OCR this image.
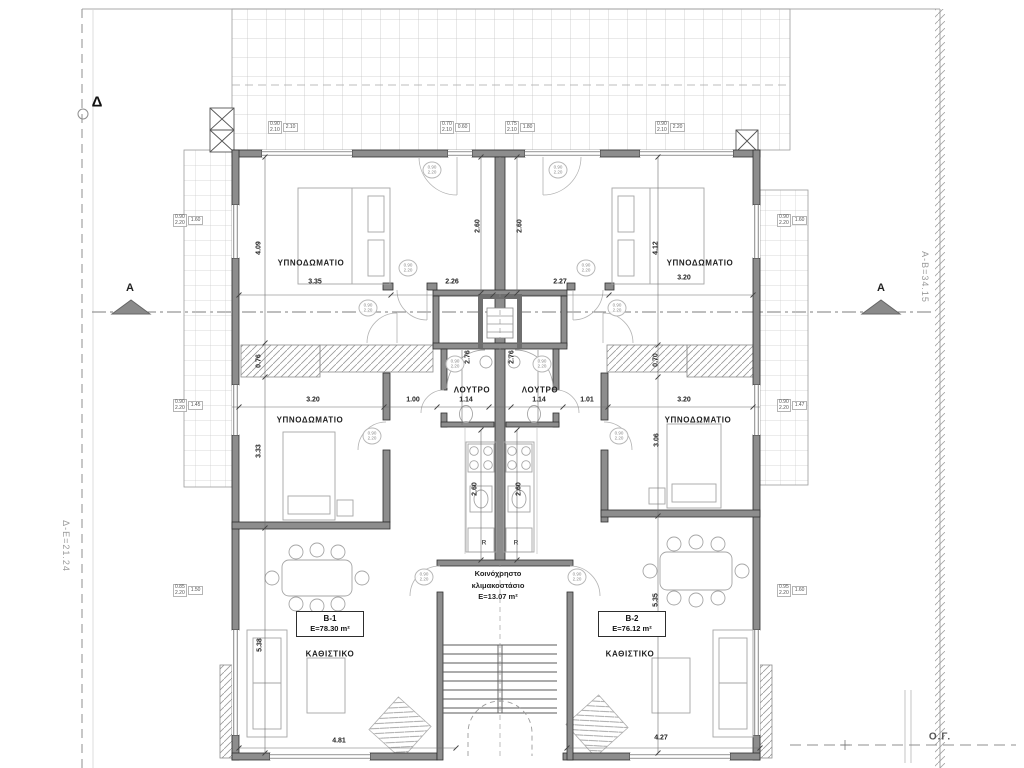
Δ
Δ-Ε=21.24
Α-Β=34.15
A	A
Ο.Γ.
ΥΠΝΟΔΩΜΑΤΙΟ	ΥΠΝΟΔΩΜΑΤΙΟ
ΥΠΝΟΔΩΜΑΤΙΟ	ΥΠΝΟΔΩΜΑΤΙΟ
ΛΟΥΤΡΟ	ΛΟΥΤΡΟ
ΚΑΘΙΣΤΙΚΟ	ΚΑΘΙΣΤΙΚΟ
R	R
B-1
E=78.30 m²
B-2
E=76.12 m²
Κοινόχρηστο
κλιμακοστάσιο
E=13.07 m²
3.35
4.09
3.20
4.12
2.60	2.60
2.26	2.27
0.76	0.70
3.20
3.33
3.20
3.06
1.14	1.14
1.00	1.01
2.76	2.76
2.60	2.60
5.38
5.35
4.81	4.27
0.90
2.10	2.10	0.70
2.10	0.60	0.75
2.10	1.80	0.90
2.10	2.20
0.90
2.20	1.60
0.90
2.20	1.45
0.85
2.20	1.50
0.90
2.20	1.60
0.90
2.20	1.47
0.95
2.20	1.60
0.90
2.20
0.90
2.20
0.90
2.20
0.90
2.20
0.90
2.20
0.90
2.20
0.90
2.20
0.90
2.20
0.90
2.20
0.90
2.20
0.90
2.20
0.90
2.20
